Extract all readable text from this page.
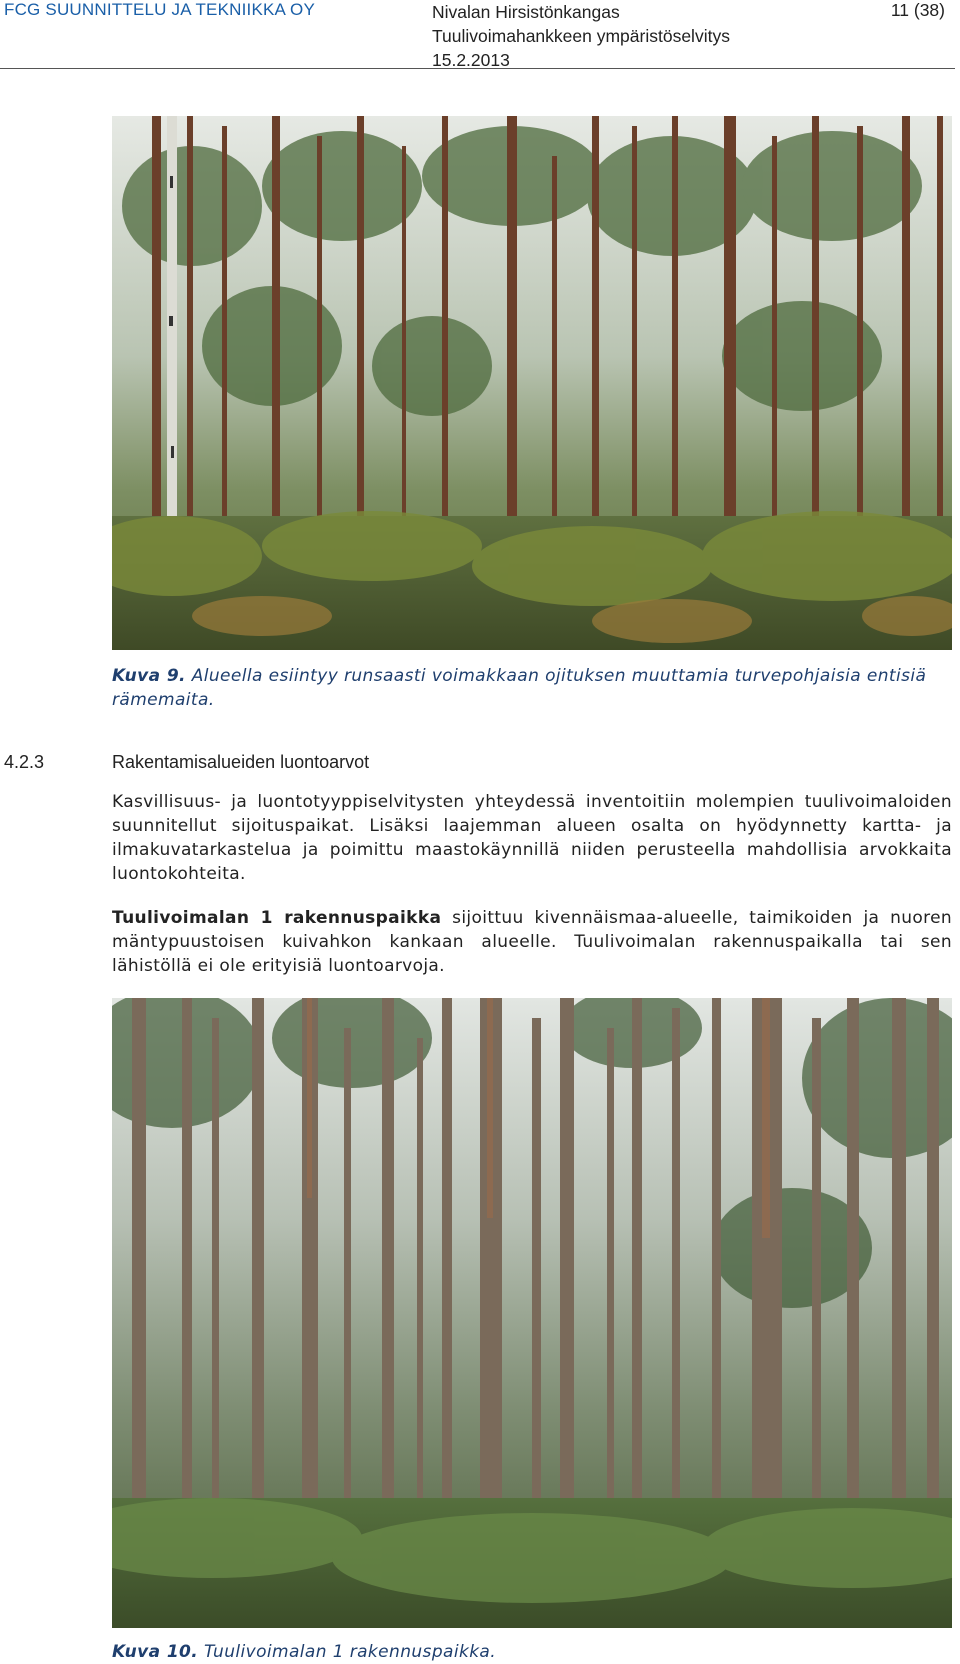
FCG SUUNNITTELU JA TEKNIIKKA OY	Nivalan Hirsistönkangas
Tuulivoimahankkeen ympäristöselvitys
15.2.2013
11 (38)
Kuva 9. Alueella esiintyy runsaasti voimakkaan ojituksen muuttamia turvepohjaisia entisiä rämemaita.
4.2.3	Rakentamisalueiden luontoarvot
Kasvillisuus- ja luontotyyppiselvitysten yhteydessä inventoitiin molempien tuulivoimaloiden suunnitellut sijoituspaikat. Lisäksi laajemman alueen osalta on hyödynnetty kartta- ja ilmakuvatarkastelua ja poimittu maastokäynnillä niiden perusteella mahdollisia arvokkaita luontokohteita.
Tuulivoimalan 1 rakennuspaikka sijoittuu kivennäismaa-alueelle, taimikoiden ja nuoren mäntypuustoisen kuivahkon kankaan alueelle. Tuulivoimalan rakennuspaikalla tai sen lähistöllä ei ole erityisiä luontoarvoja.
Kuva 10. Tuulivoimalan 1 rakennuspaikka.
